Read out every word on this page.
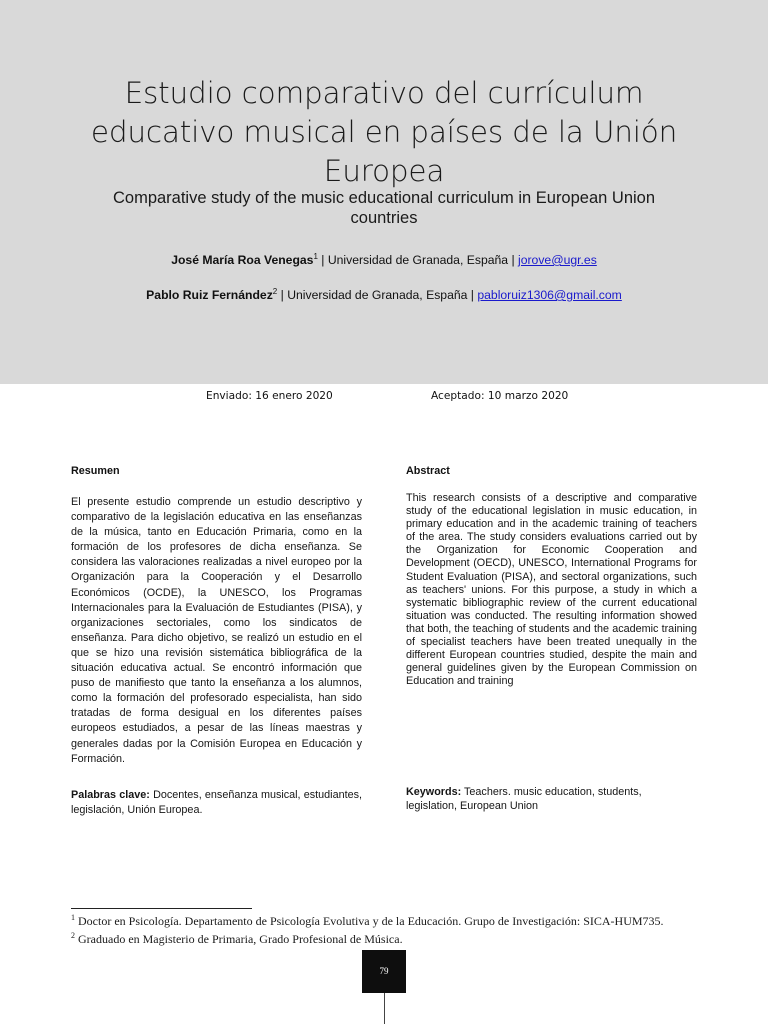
Estudio comparativo del currículum educativo musical en países de la Unión Europea
Comparative study of the music educational curriculum in European Union countries
José María Roa Venegas$^1$ | Universidad de Granada, España | jorove@ugr.es
Pablo Ruiz Fernández$^2$ | Universidad de Granada, España | pabloruiz1306@gmail.com
Enviado: 16 enero 2020	Aceptado: 10 marzo 2020
Resumen	Abstract
El presente estudio comprende un estudio descriptivo y comparativo de la legislación educativa en las enseñanzas de la música, tanto en Educación Primaria, como en la formación de los profesores de dicha enseñanza. Se considera las valoraciones realizadas a nivel europeo por la Organización para la Cooperación y el Desarrollo Económicos (OCDE), la UNESCO, los Programas Internacionales para la Evaluación de Estudiantes (PISA), y organizaciones sectoriales, como los sindicatos de enseñanza. Para dicho objetivo, se realizó un estudio en el que se hizo una revisión sistemática bibliográfica de la situación educativa actual. Se encontró información que puso de manifiesto que tanto la enseñanza a los alumnos, como la formación del profesorado especialista, han sido tratadas de forma desigual en los diferentes países europeos estudiados, a pesar de las líneas maestras y generales dadas por la Comisión Europea en Educación y Formación.
This research consists of a descriptive and comparative study of the educational legislation in music education, in primary education and in the academic training of teachers of the area. The study considers evaluations carried out by the Organization for Economic Cooperation and Development (OECD), UNESCO, International Programs for Student Evaluation (PISA), and sectoral organizations, such as teachers' unions. For this purpose, a study in which a systematic bibliographic review of the current educational situation was conducted. The resulting information showed that both, the teaching of students and the academic training of specialist teachers have been treated unequally in the different European countries studied, despite the main and general guidelines given by the European Commission on Education and training
Palabras clave: Docentes, enseñanza musical, estudiantes, legislación, Unión Europea.
Keywords: Teachers. music education, students, legislation, European Union
$^1$ Doctor en Psicología. Departamento de Psicología Evolutiva y de la Educación. Grupo de Investigación: SICA-HUM735.
$^2$ Graduado en Magisterio de Primaria, Grado Profesional de Música.
79
